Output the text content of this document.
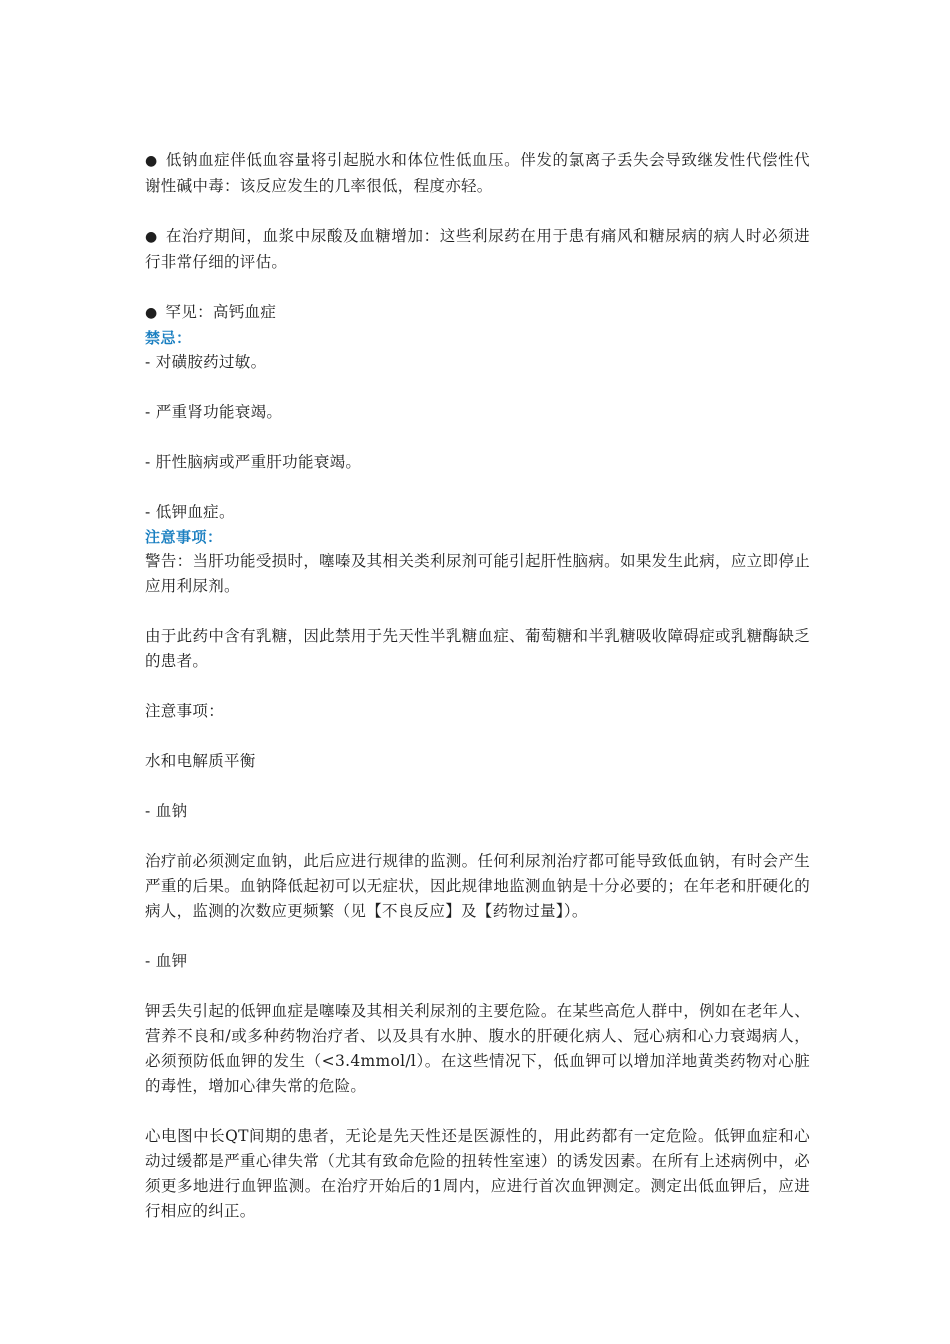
● 低钠血症伴低血容量将引起脱水和体位性低血压。伴发的氯离子丢失会导致继发性代偿性代谢性碱中毒：该反应发生的几率很低，程度亦轻。

● 在治疗期间，血浆中尿酸及血糖增加：这些利尿药在用于患有痛风和糖尿病的病人时必须进行非常仔细的评估。

● 罕见：高钙血症

禁忌：

- 对磺胺药过敏。

- 严重肾功能衰竭。

- 肝性脑病或严重肝功能衰竭。

- 低钾血症。

注意事项：

警告：当肝功能受损时，噻嗪及其相关类利尿剂可能引起肝性脑病。如果发生此病，应立即停止应用利尿剂。

由于此药中含有乳糖，因此禁用于先天性半乳糖血症、葡萄糖和半乳糖吸收障碍症或乳糖酶缺乏的患者。

注意事项：

水和电解质平衡

- 血钠

治疗前必须测定血钠，此后应进行规律的监测。任何利尿剂治疗都可能导致低血钠，有时会产生严重的后果。血钠降低起初可以无症状，因此规律地监测血钠是十分必要的；在年老和肝硬化的病人，监测的次数应更频繁（见【不良反应】及【药物过量】）。

- 血钾

钾丢失引起的低钾血症是噻嗪及其相关利尿剂的主要危险。在某些高危人群中，例如在老年人、营养不良和/或多种药物治疗者、以及具有水肿、腹水的肝硬化病人、冠心病和心力衰竭病人，必须预防低血钾的发生（<3.4mmol/l）。在这些情况下，低血钾可以增加洋地黄类药物对心脏的毒性，增加心律失常的危险。

心电图中长QT间期的患者，无论是先天性还是医源性的，用此药都有一定危险。低钾血症和心动过缓都是严重心律失常（尤其有致命危险的扭转性室速）的诱发因素。在所有上述病例中，必须更多地进行血钾监测。在治疗开始后的1周内，应进行首次血钾测定。测定出低血钾后，应进行相应的纠正。
